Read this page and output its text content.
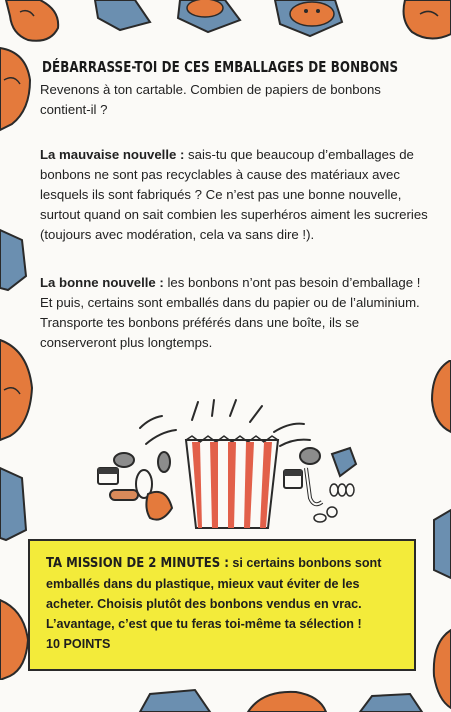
DÉBARRASSE-TOI DE CES EMBALLAGES DE BONBONS

Revenons à ton cartable. Combien de papiers de bonbons contient-il ?

La mauvaise nouvelle : sais-tu que beaucoup d’emballages de bonbons ne sont pas recyclables à cause des matériaux avec lesquels ils sont fabriqués ? Ce n’est pas une bonne nouvelle, surtout quand on sait combien les superhéros aiment les sucreries (toujours avec modération, cela va sans dire !).

La bonne nouvelle : les bonbons n’ont pas besoin d’emballage ! Et puis, certains sont emballés dans du papier ou de l’aluminium. Transporte tes bonbons préférés dans une boîte, ils se conserveront plus longtemps.

TA MISSION DE 2 MINUTES : si certains bonbons sont emballés dans du plastique, mieux vaut éviter de les acheter. Choisis plutôt des bonbons vendus en vrac. L’avantage, c’est que tu feras toi-même ta sélection !
10 POINTS
